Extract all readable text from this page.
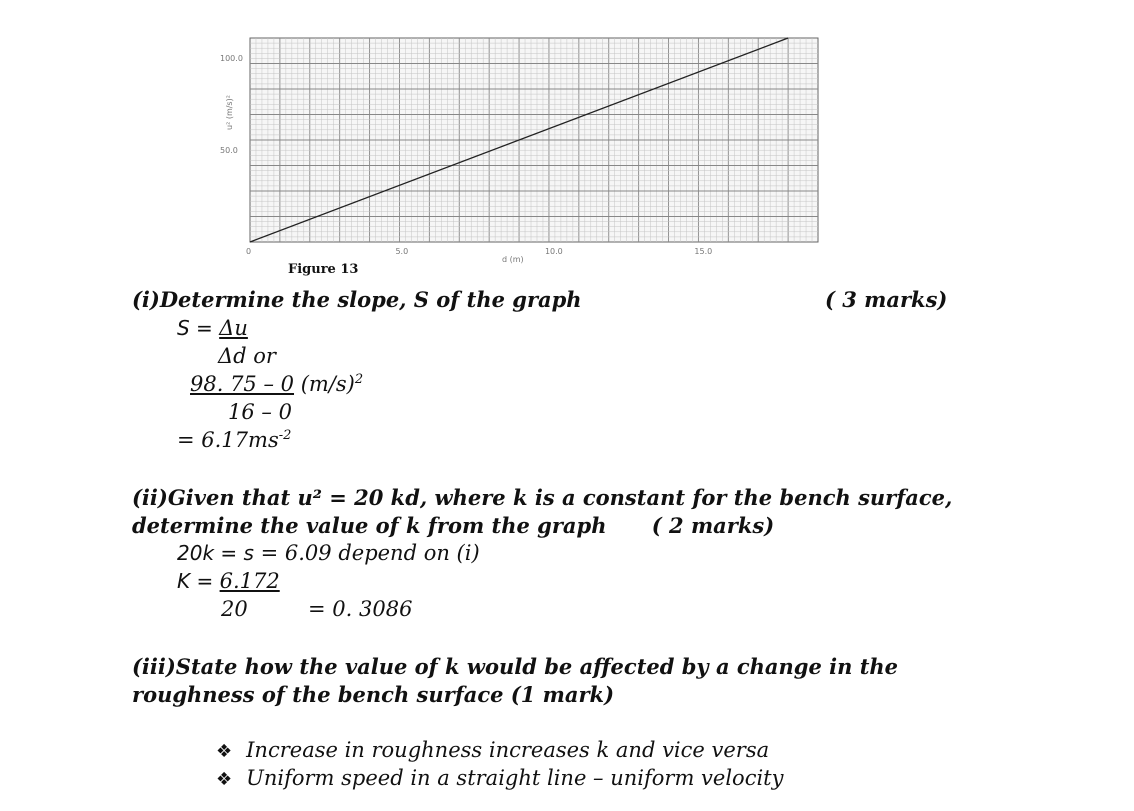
0	5.0	10.0	15.0
50.0
100.0
u² (m/s)²
d (m)
Figure 13
(i)Determine the slope, S of the graph	( 3 marks)
S = Δu
Δd or
98. 75 – 0 $(m/s)^2$
16 – 0
= $6.17ms^{-2}$
(ii)Given that u² = 20 kd, where k is a constant for the bench surface,
determine the value of k from the graph ( 2 marks)
20k = s = 6.09 depend on (i)
K = 6.172
20	= 0. 3086
(iii)State how the value of k would be affected by a change in the
roughness of the bench surface (1 mark)
❖ Increase in roughness increases k and vice versa
❖ Uniform speed in a straight line – uniform velocity
